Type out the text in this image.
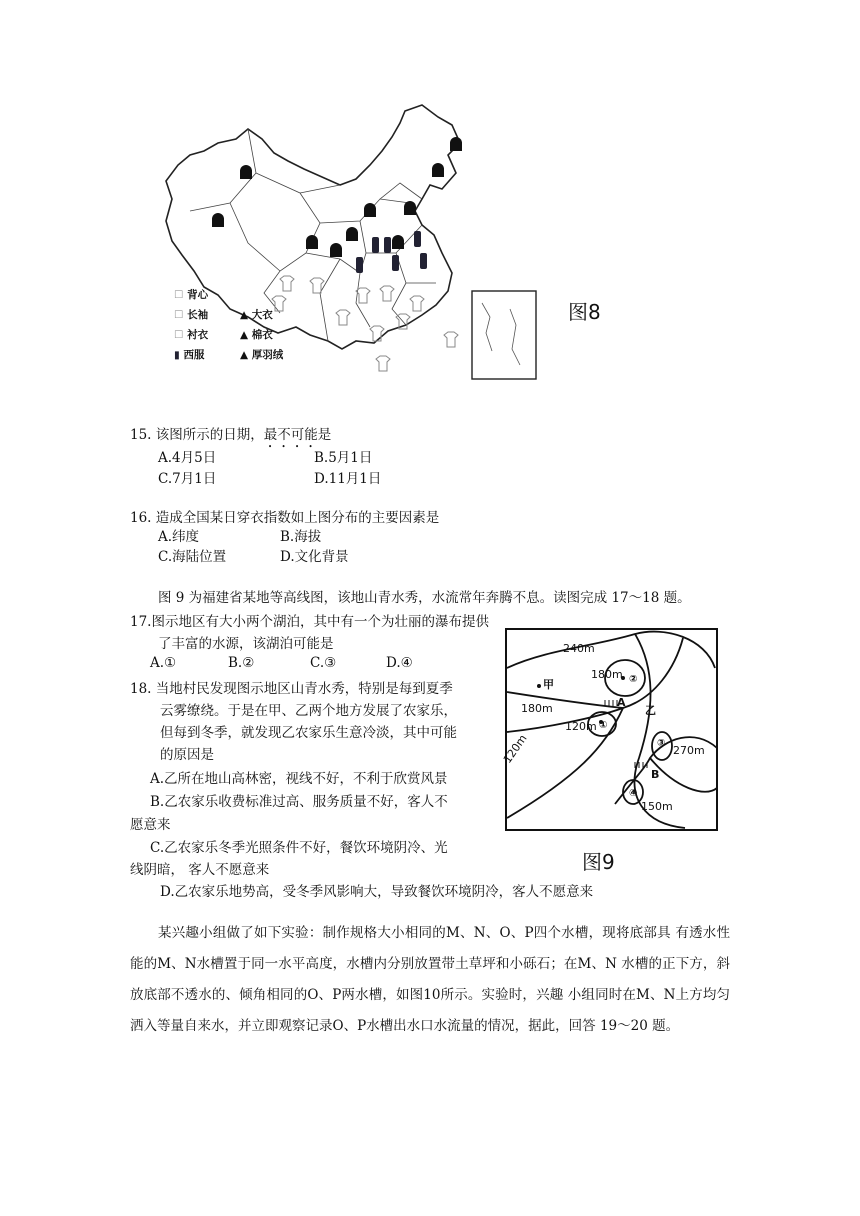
☐ 背心
☐ 长袖
☐ 衬衣
▮ 西服
▲ 大衣
▲ 棉衣
▲ 厚羽绒
图8
15. 该图所示的日期，最不可能是
A.4月5日	B.5月1日
C.7月1日	D.11月1日
16. 造成全国某日穿衣指数如上图分布的主要因素是
A.纬度	B.海拔
C.海陆位置	D.文化背景
图 9 为福建省某地等高线图，该地山青水秀，水流常年奔腾不息。读图完成 17～18 题。
17.图示地区有大小两个湖泊，其中有一个为壮丽的瀑布提供
了丰富的水源，该湖泊可能是
A.①	B.②	C.③	D.④
18. 当地村民发现图示地区山青水秀，特别是每到夏季
云雾缭绕。于是在甲、乙两个地方发展了农家乐，
但每到冬季，就发现乙农家乐生意冷淡，其中可能
的原因是
A.乙所在地山高林密，视线不好，不利于欣赏风景
B.乙农家乐收费标准过高、服务质量不好，客人不
愿意来
C.乙农家乐冬季光照条件不好，餐饮环境阴冷、光
线阴暗， 客人不愿意来
D.乙农家乐地势高，受冬季风影响大，导致餐饮环境阴冷，客人不愿意来
240m
180m
180m
120m
120m	270m
150m
甲
乙
A
B
①
②
③
④
图9
某兴趣小组做了如下实验：制作规格大小相同的M、N、O、P四个水槽，现将底部具 有透水性能的M、N水槽置于同一水平高度，水槽内分别放置带土草坪和小砾石；在M、N 水槽的正下方，斜放底部不透水的、倾角相同的O、P两水槽，如图10所示。实验时，兴趣 小组同时在M、N上方均匀洒入等量自来水，并立即观察记录O、P水槽出水口水流量的情况，据此，回答 19～20 题。
